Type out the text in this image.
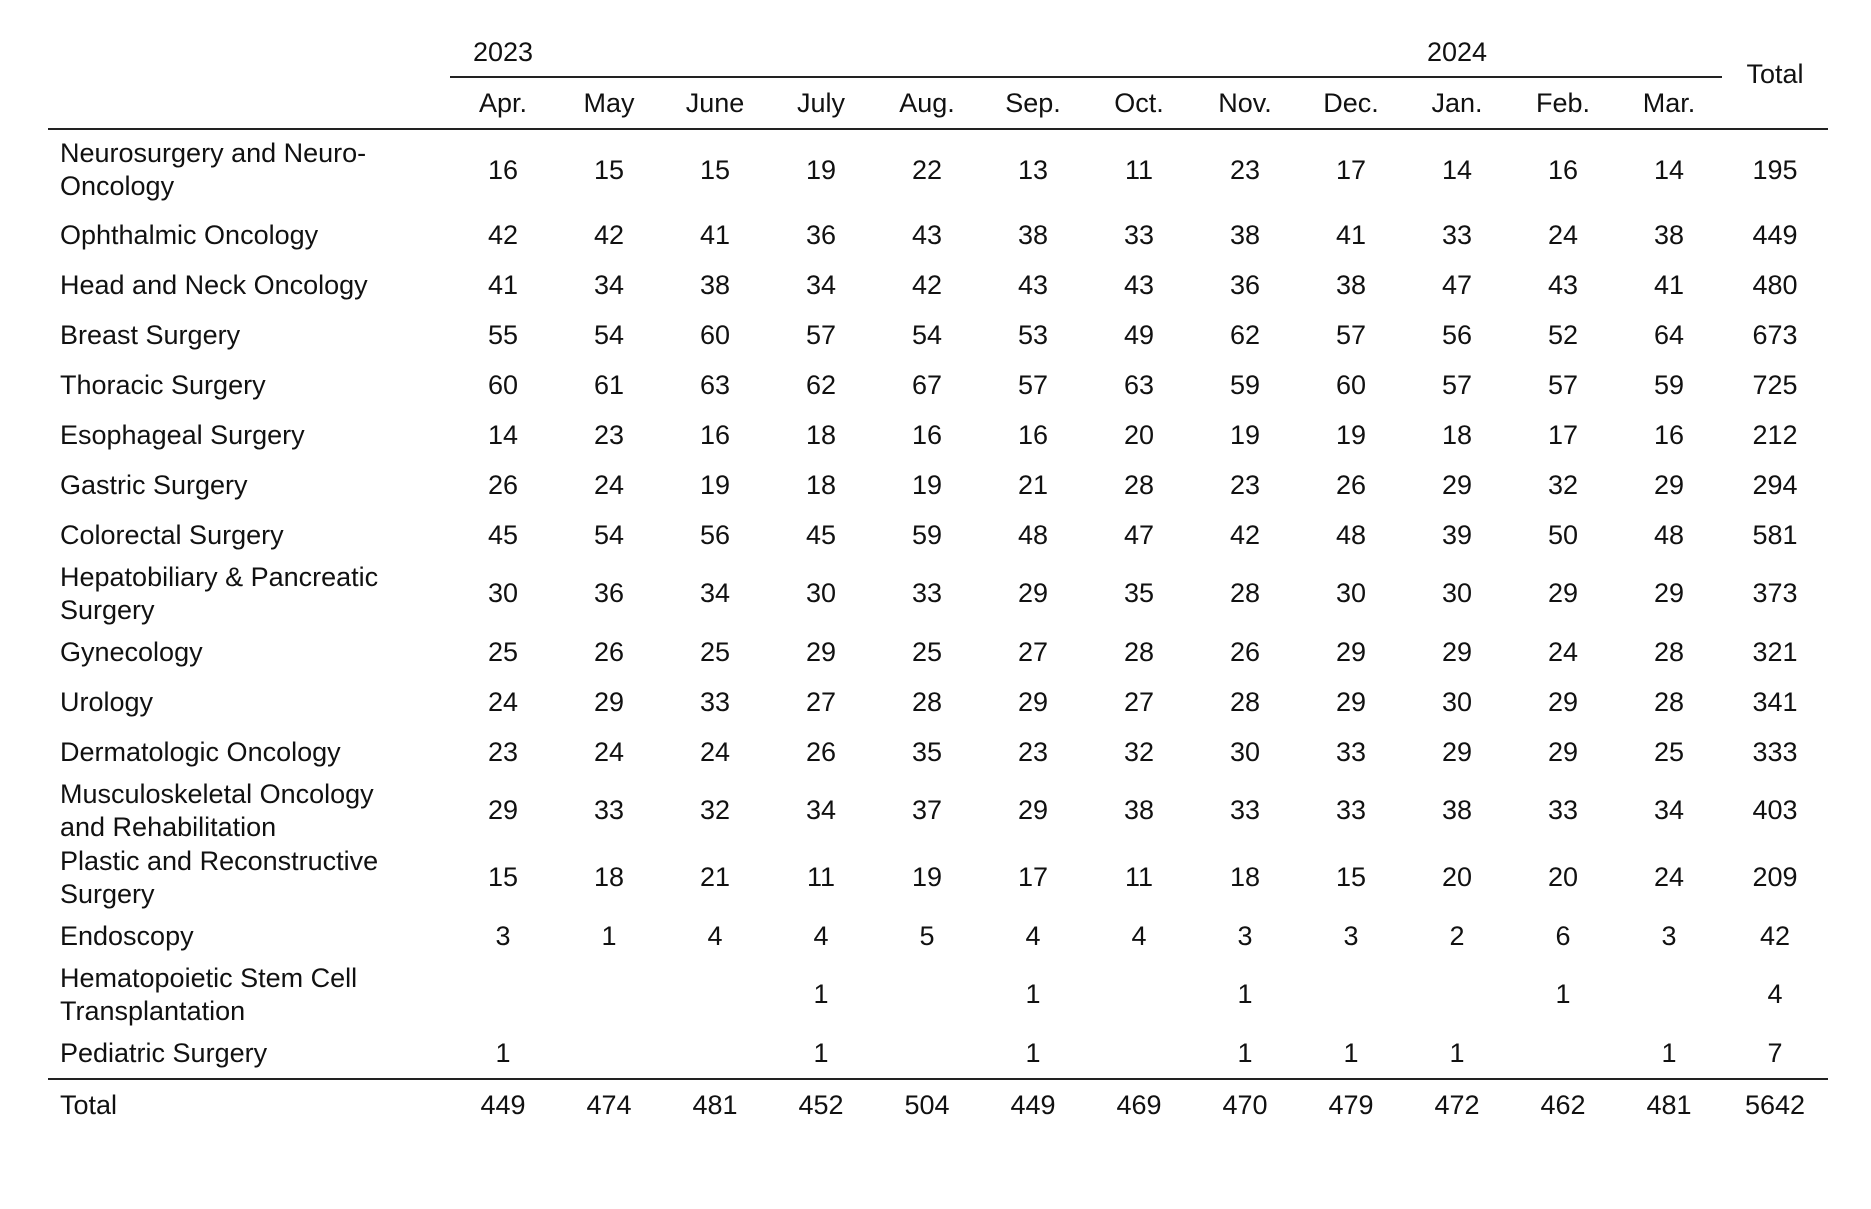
	2023									2024			Total
	Apr.	May	June	July	Aug.	Sep.	Oct.	Nov.	Dec.	Jan.	Feb.	Mar.	
Neurosurgery and Neuro-Oncology	16	15	15	19	22	13	11	23	17	14	16	14	195
Ophthalmic Oncology	42	42	41	36	43	38	33	38	41	33	24	38	449
Head and Neck Oncology	41	34	38	34	42	43	43	36	38	47	43	41	480
Breast Surgery	55	54	60	57	54	53	49	62	57	56	52	64	673
Thoracic Surgery	60	61	63	62	67	57	63	59	60	57	57	59	725
Esophageal Surgery	14	23	16	18	16	16	20	19	19	18	17	16	212
Gastric Surgery	26	24	19	18	19	21	28	23	26	29	32	29	294
Colorectal Surgery	45	54	56	45	59	48	47	42	48	39	50	48	581
Hepatobiliary & Pancreatic Surgery	30	36	34	30	33	29	35	28	30	30	29	29	373
Gynecology	25	26	25	29	25	27	28	26	29	29	24	28	321
Urology	24	29	33	27	28	29	27	28	29	30	29	28	341
Dermatologic Oncology	23	24	24	26	35	23	32	30	33	29	29	25	333
Musculoskeletal Oncology and Rehabilitation	29	33	32	34	37	29	38	33	33	38	33	34	403
Plastic and Reconstructive Surgery	15	18	21	11	19	17	11	18	15	20	20	24	209
Endoscopy	3	1	4	4	5	4	4	3	3	2	6	3	42
Hematopoietic Stem Cell Transplantation				1		1		1			1		4
Pediatric Surgery	1			1		1		1	1	1		1	7
Total	449	474	481	452	504	449	469	470	479	472	462	481	5642
